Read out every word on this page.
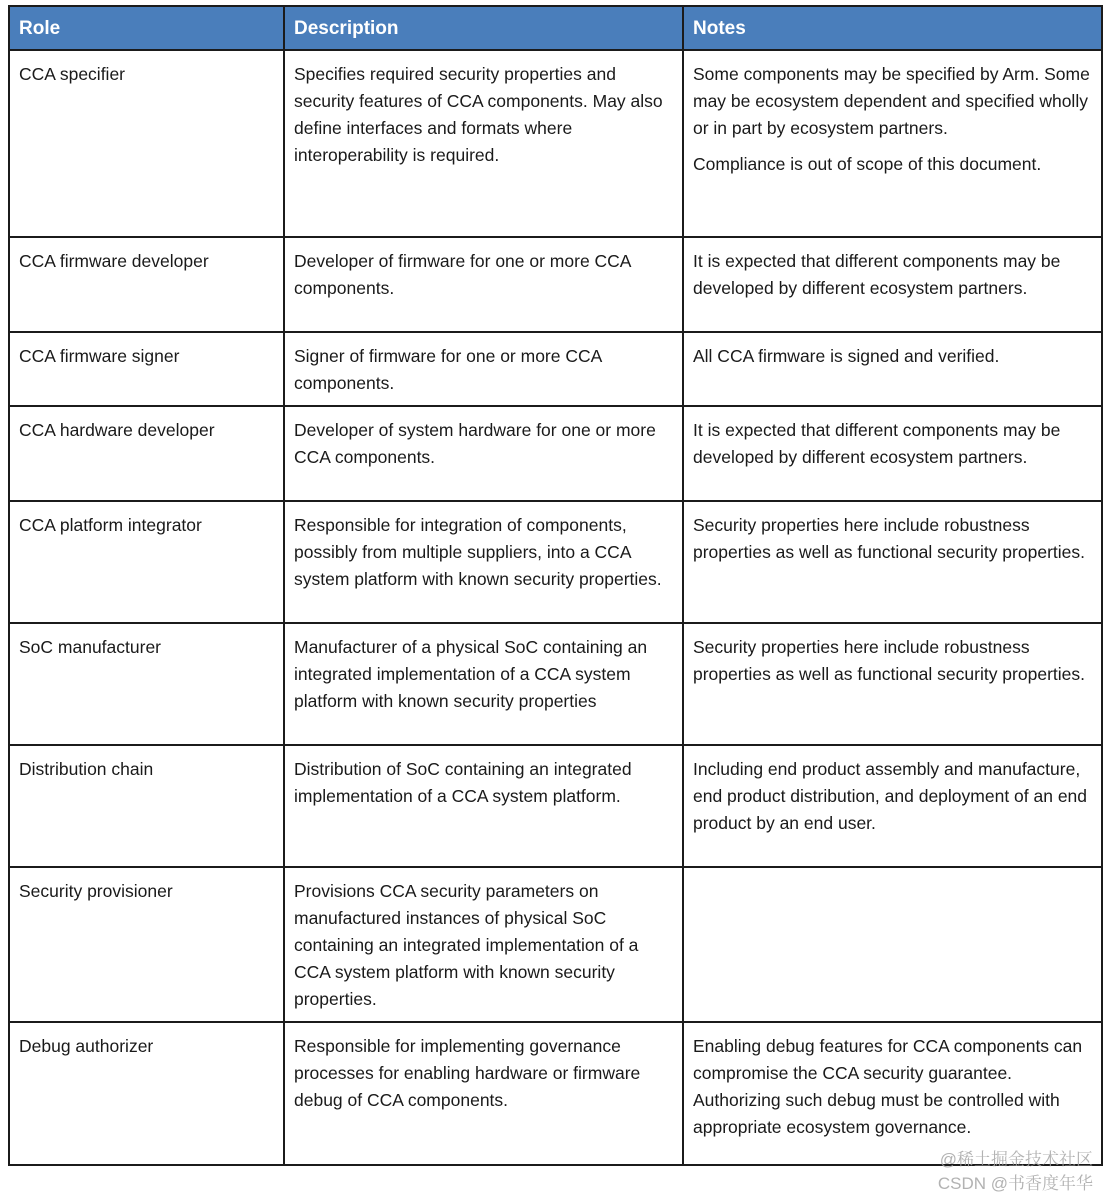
Role	Description	Notes

CCA specifier	Specifies required security properties and security features of CCA components. May also define interfaces and formats where interoperability is required.	Some components may be specified by Arm. Some may be ecosystem dependent and specified wholly or in part by ecosystem partners.

Compliance is out of scope of this document.

CCA firmware developer	Developer of firmware for one or more CCA components.	It is expected that different components may be developed by different ecosystem partners.

CCA firmware signer	Signer of firmware for one or more CCA components.	All CCA firmware is signed and verified.

CCA hardware developer	Developer of system hardware for one or more CCA components.	It is expected that different components may be developed by different ecosystem partners.

CCA platform integrator	Responsible for integration of components, possibly from multiple suppliers, into a CCA system platform with known security properties.	Security properties here include robustness properties as well as functional security properties.

SoC manufacturer	Manufacturer of a physical SoC containing an integrated implementation of a CCA system platform with known security properties	Security properties here include robustness properties as well as functional security properties.

Distribution chain	Distribution of SoC containing an integrated implementation of a CCA system platform.	Including end product assembly and manufacture, end product distribution, and deployment of an end product by an end user.

Security provisioner	Provisions CCA security parameters on manufactured instances of physical SoC containing an integrated implementation of a CCA system platform with known security properties.	

Debug authorizer	Responsible for implementing governance processes for enabling hardware or firmware debug of CCA components.	Enabling debug features for CCA components can compromise the CCA security guarantee. Authorizing such debug must be controlled with appropriate ecosystem governance.

@稀土掘金技术社区
CSDN @书香度年华
